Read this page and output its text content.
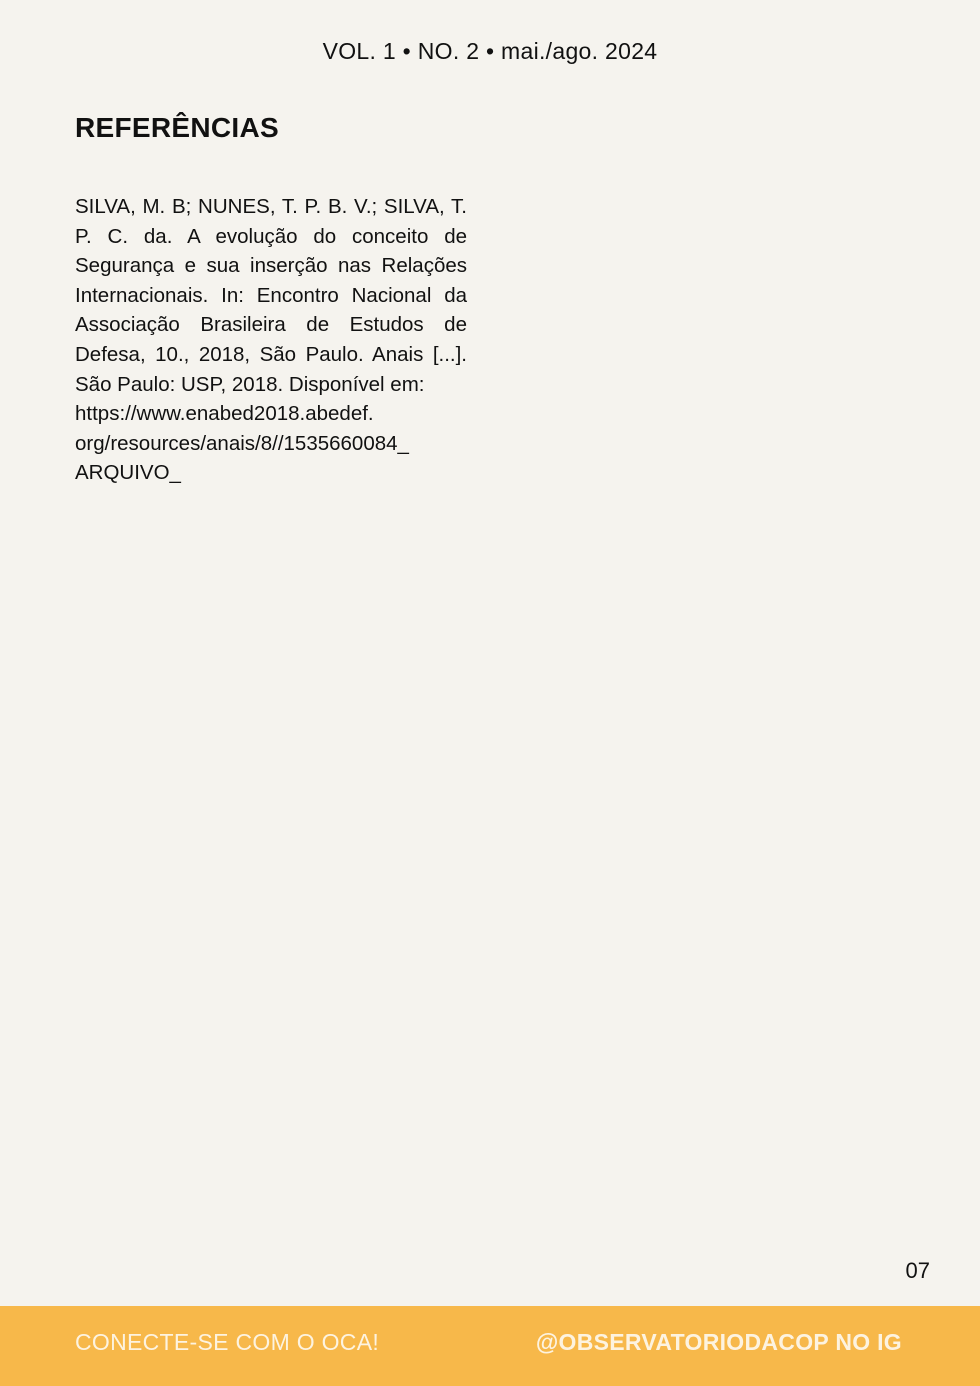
VOL. 1 • NO. 2 • mai./ago. 2024
REFERÊNCIAS

SILVA, M. B; NUNES, T. P. B. V.; SILVA, T. P. C. da. A evolução do conceito de Segurança e sua inserção nas Relações Internacionais. In: Encontro Nacional da Associação Brasileira de Estudos de Defesa, 10., 2018, São Paulo. Anais [...]. São Paulo: USP, 2018. Disponível em:

https://www.enabed2018.abedef.

org/resources/anais/8//1535660084_

ARQUIVO_

07
CONECTE-SE COM O OCA!	@OBSERVATORIODACOP NO IG
